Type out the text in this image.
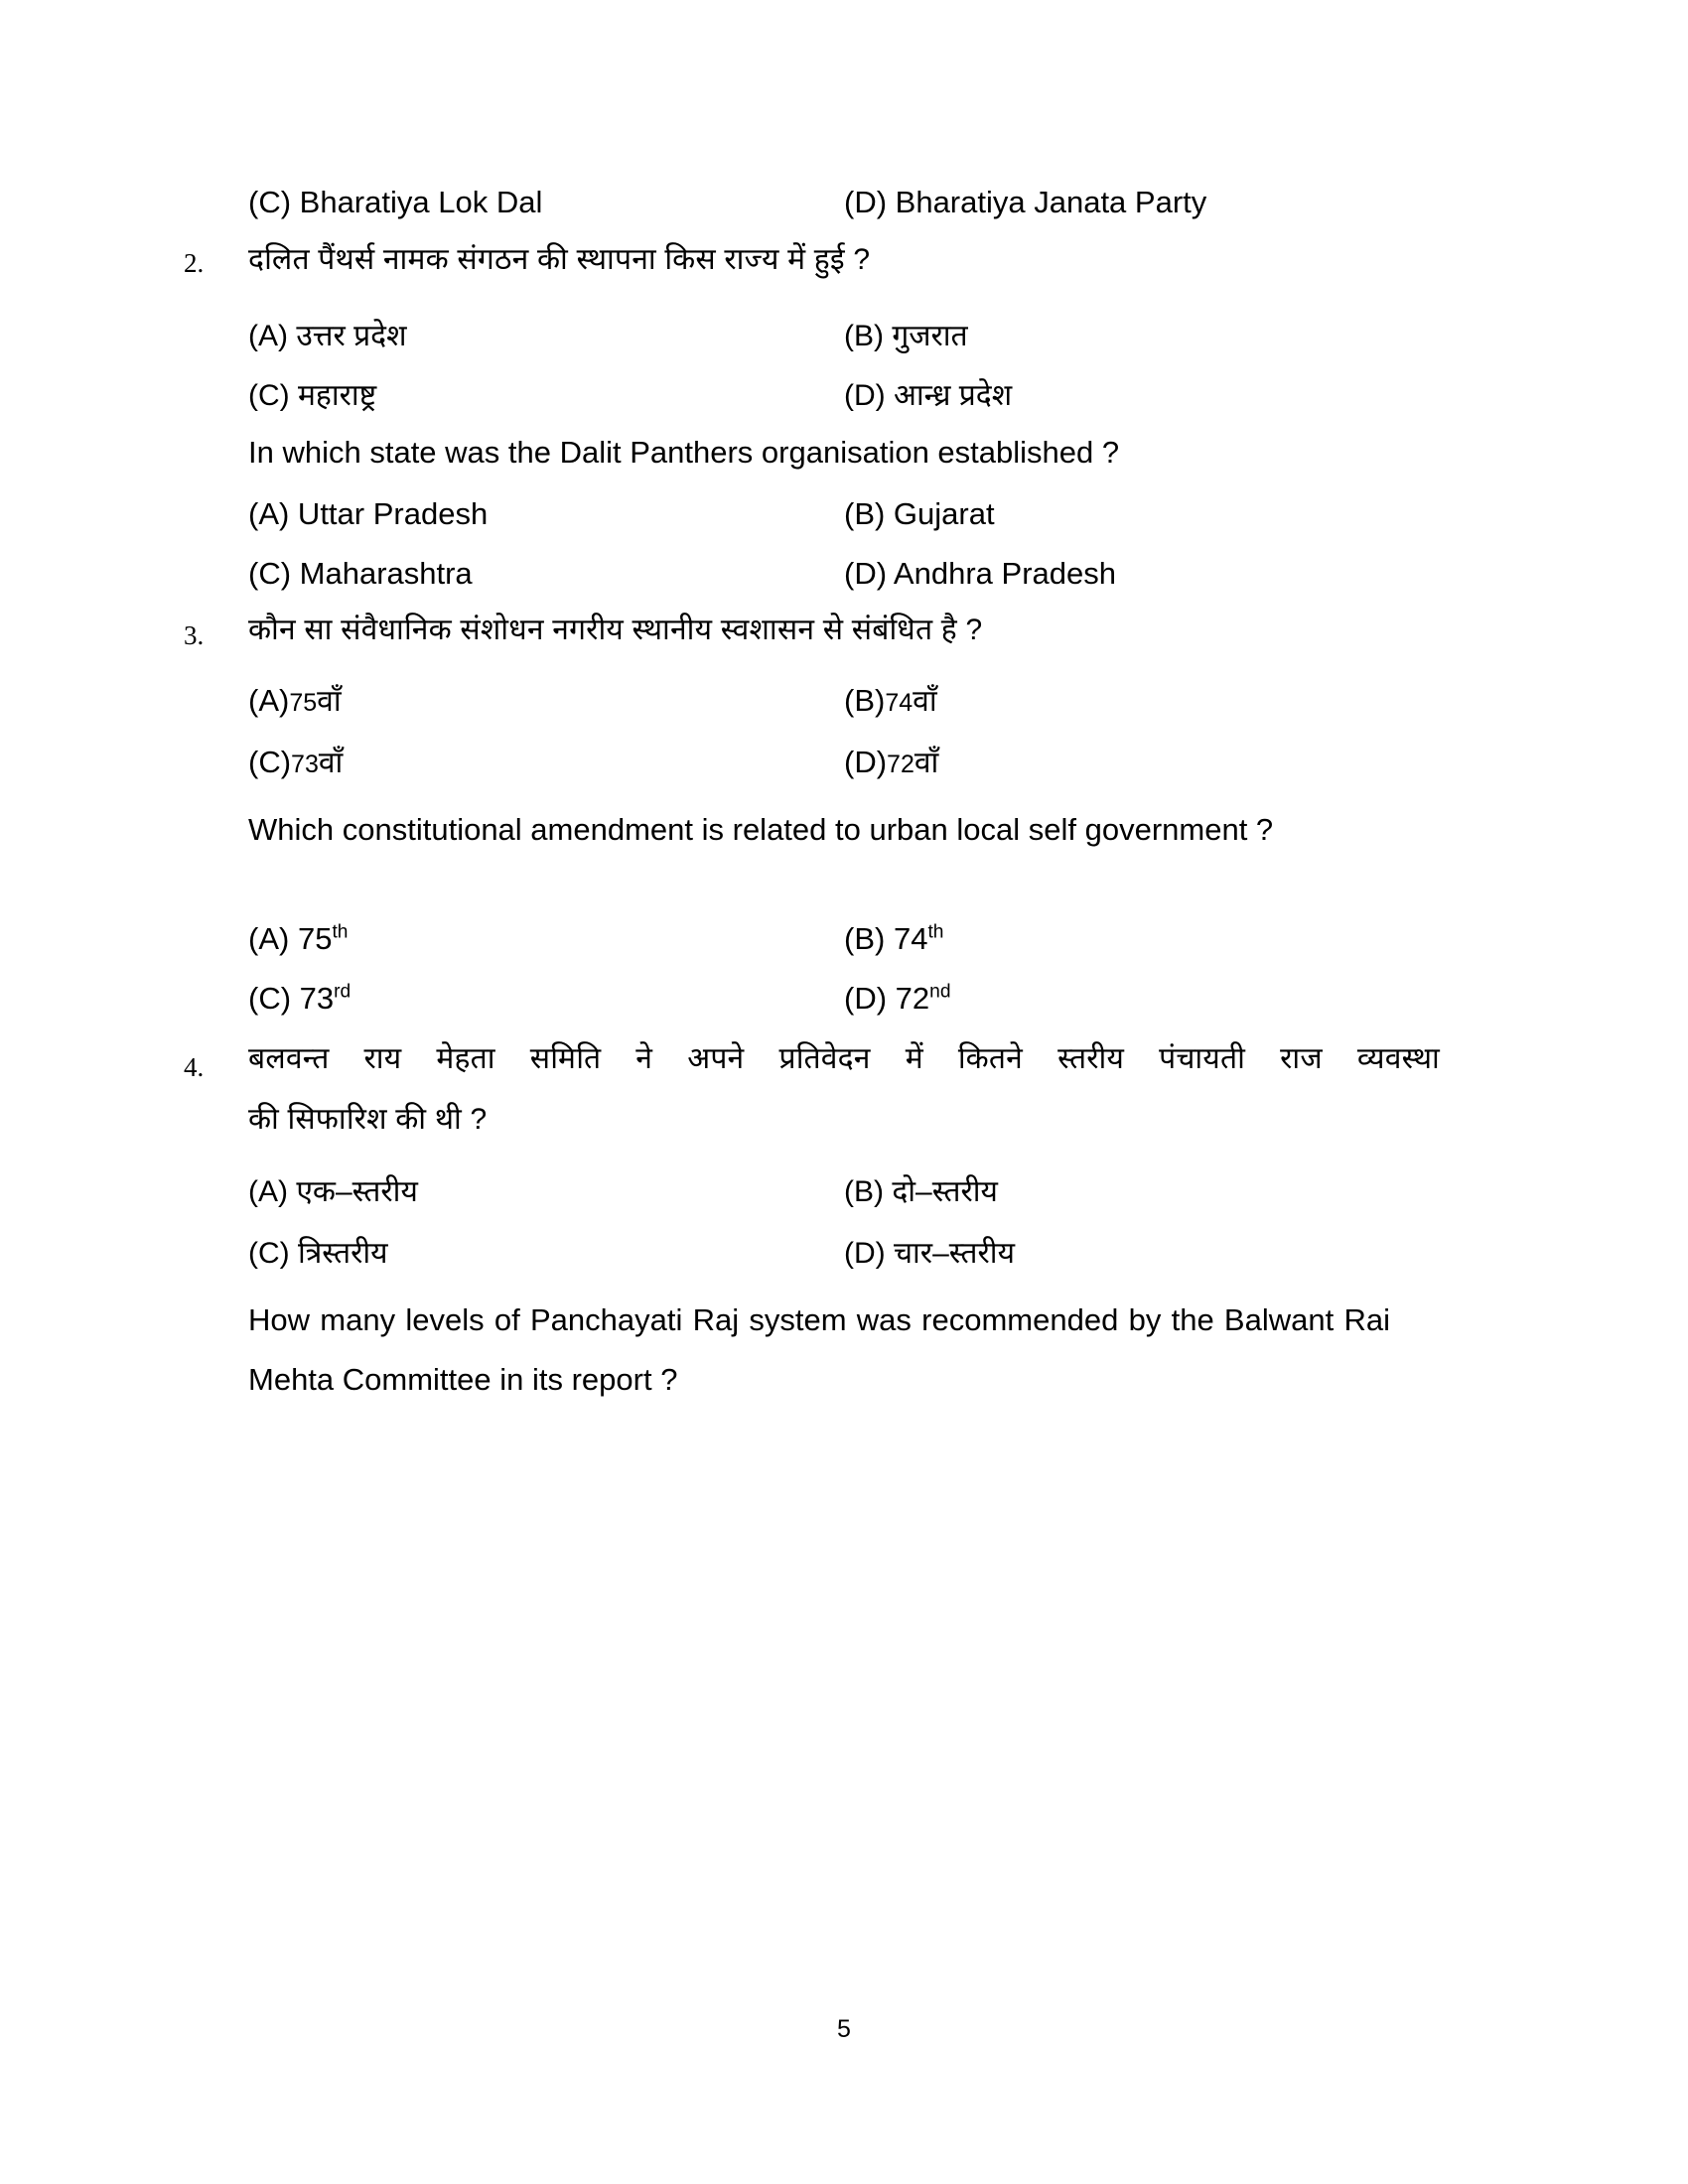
(C) Bharatiya Lok Dal	(D) Bharatiya Janata Party
2. दलित पैंथर्स नामक संगठन की स्थापना किस राज्य में हुई ?
(A) उत्तर प्रदेश	(B) गुजरात
(C) महाराष्ट्र	(D) आन्ध्र प्रदेश
In which state was the Dalit Panthers organisation established ?
(A) Uttar Pradesh	(B) Gujarat
(C) Maharashtra	(D) Andhra Pradesh
3. कौन सा संवैधानिक संशोधन नगरीय स्थानीय स्वशासन से संबंधित है ?
(A)75वाँ	(B)74वाँ
(C)73वाँ	(D)72वाँ
Which constitutional amendment is related to urban local self government ?
(A) 75th	(B) 74th
(C) 73rd	(D) 72nd
4. बलवन्त राय मेहता समिति ने अपने प्रतिवेदन में कितने स्तरीय पंचायती राज व्यवस्था
की सिफारिश की थी ?
(A) एक–स्तरीय	(B) दो–स्तरीय
(C) त्रिस्तरीय	(D) चार–स्तरीय
How many levels of Panchayati Raj system was recommended by the Balwant Rai Mehta Committee in its report ?
5
